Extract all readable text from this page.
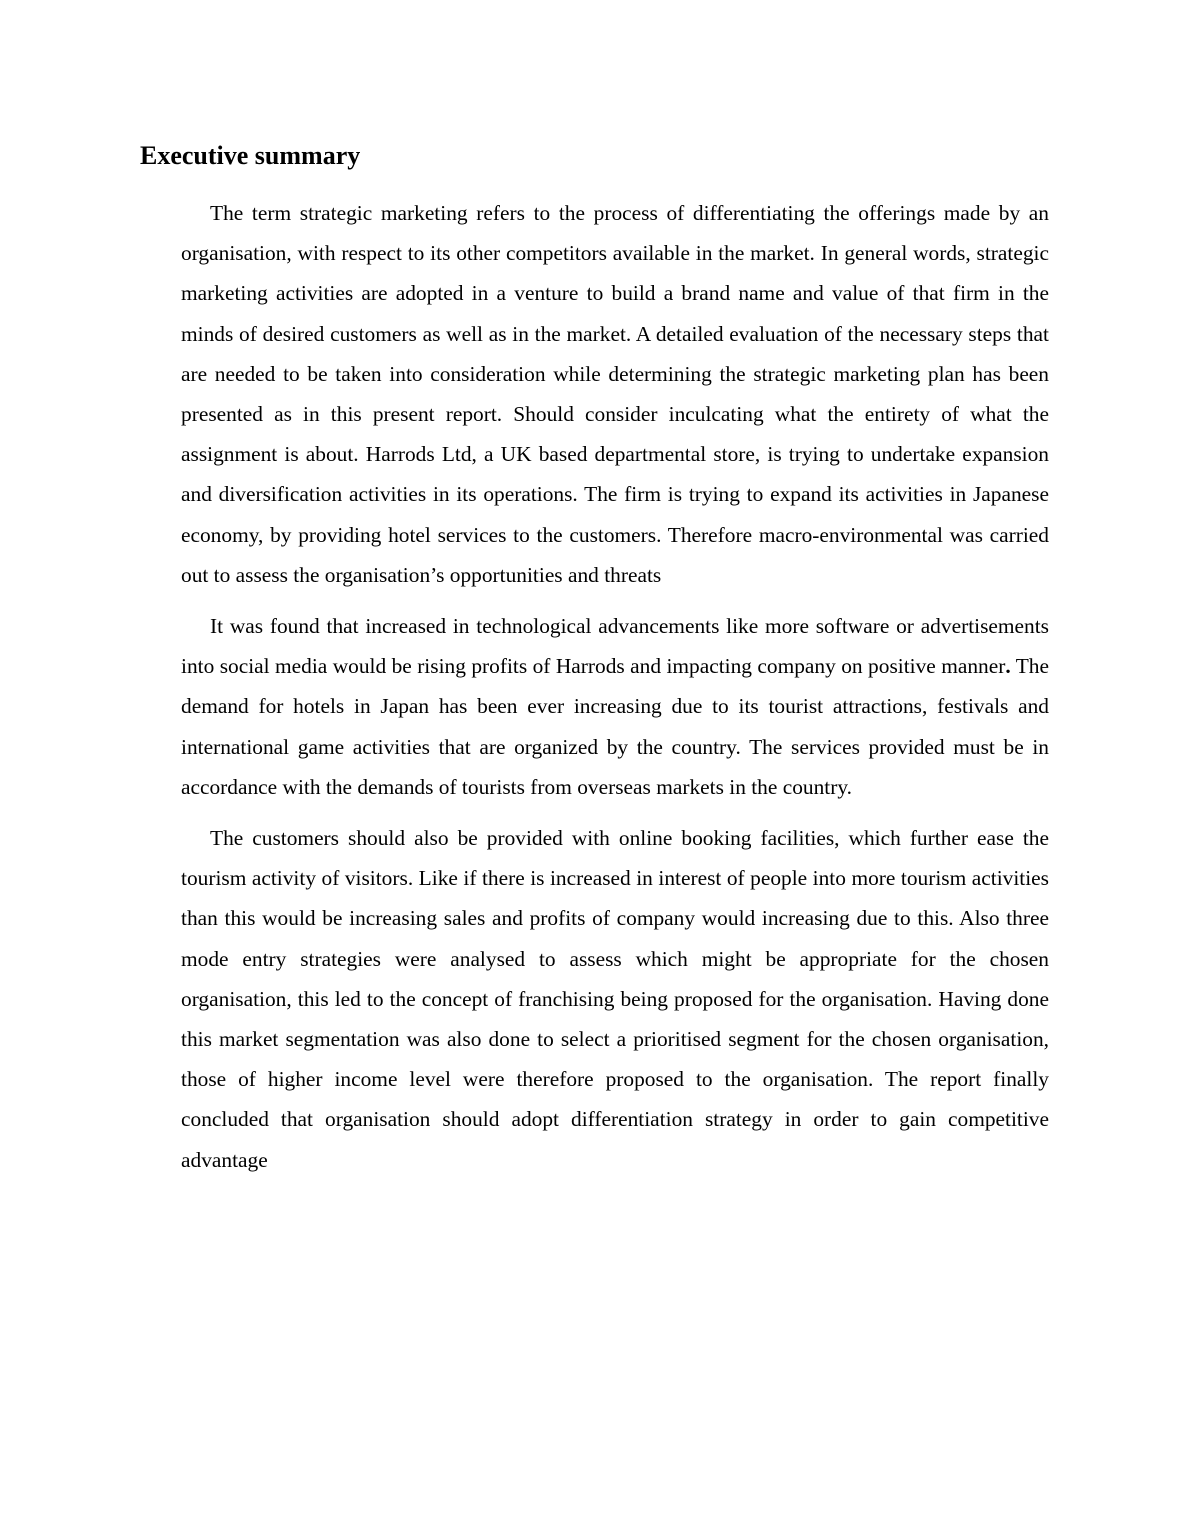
Executive summary

The term strategic marketing refers to the process of differentiating the offerings made by an organisation, with respect to its other competitors available in the market. In general words, strategic marketing activities are adopted in a venture to build a brand name and value of that firm in the minds of desired customers as well as in the market. A detailed evaluation of the necessary steps that are needed to be taken into consideration while determining the strategic marketing plan has been presented as in this present report. Should consider inculcating what the entirety of what the assignment is about. Harrods Ltd, a UK based departmental store, is trying to undertake expansion and diversification activities in its operations. The firm is trying to expand its activities in Japanese economy, by providing hotel services to the customers. Therefore macro-environmental was carried out to assess the organisation’s opportunities and threats

It was found that increased in technological advancements like more software or advertisements into social media would be rising profits of Harrods and impacting company on positive manner. The demand for hotels in Japan has been ever increasing due to its tourist attractions, festivals and international game activities that are organized by the country. The services provided must be in accordance with the demands of tourists from overseas markets in the country.

The customers should also be provided with online booking facilities, which further ease the tourism activity of visitors. Like if there is increased in interest of people into more tourism activities than this would be increasing sales and profits of company would increasing due to this. Also three mode entry strategies were analysed to assess which might be appropriate for the chosen organisation, this led to the concept of franchising being proposed for the organisation. Having done this market segmentation was also done to select a prioritised segment for the chosen organisation, those of higher income level were therefore proposed to the organisation. The report finally concluded that organisation should adopt differentiation strategy in order to gain competitive advantage
